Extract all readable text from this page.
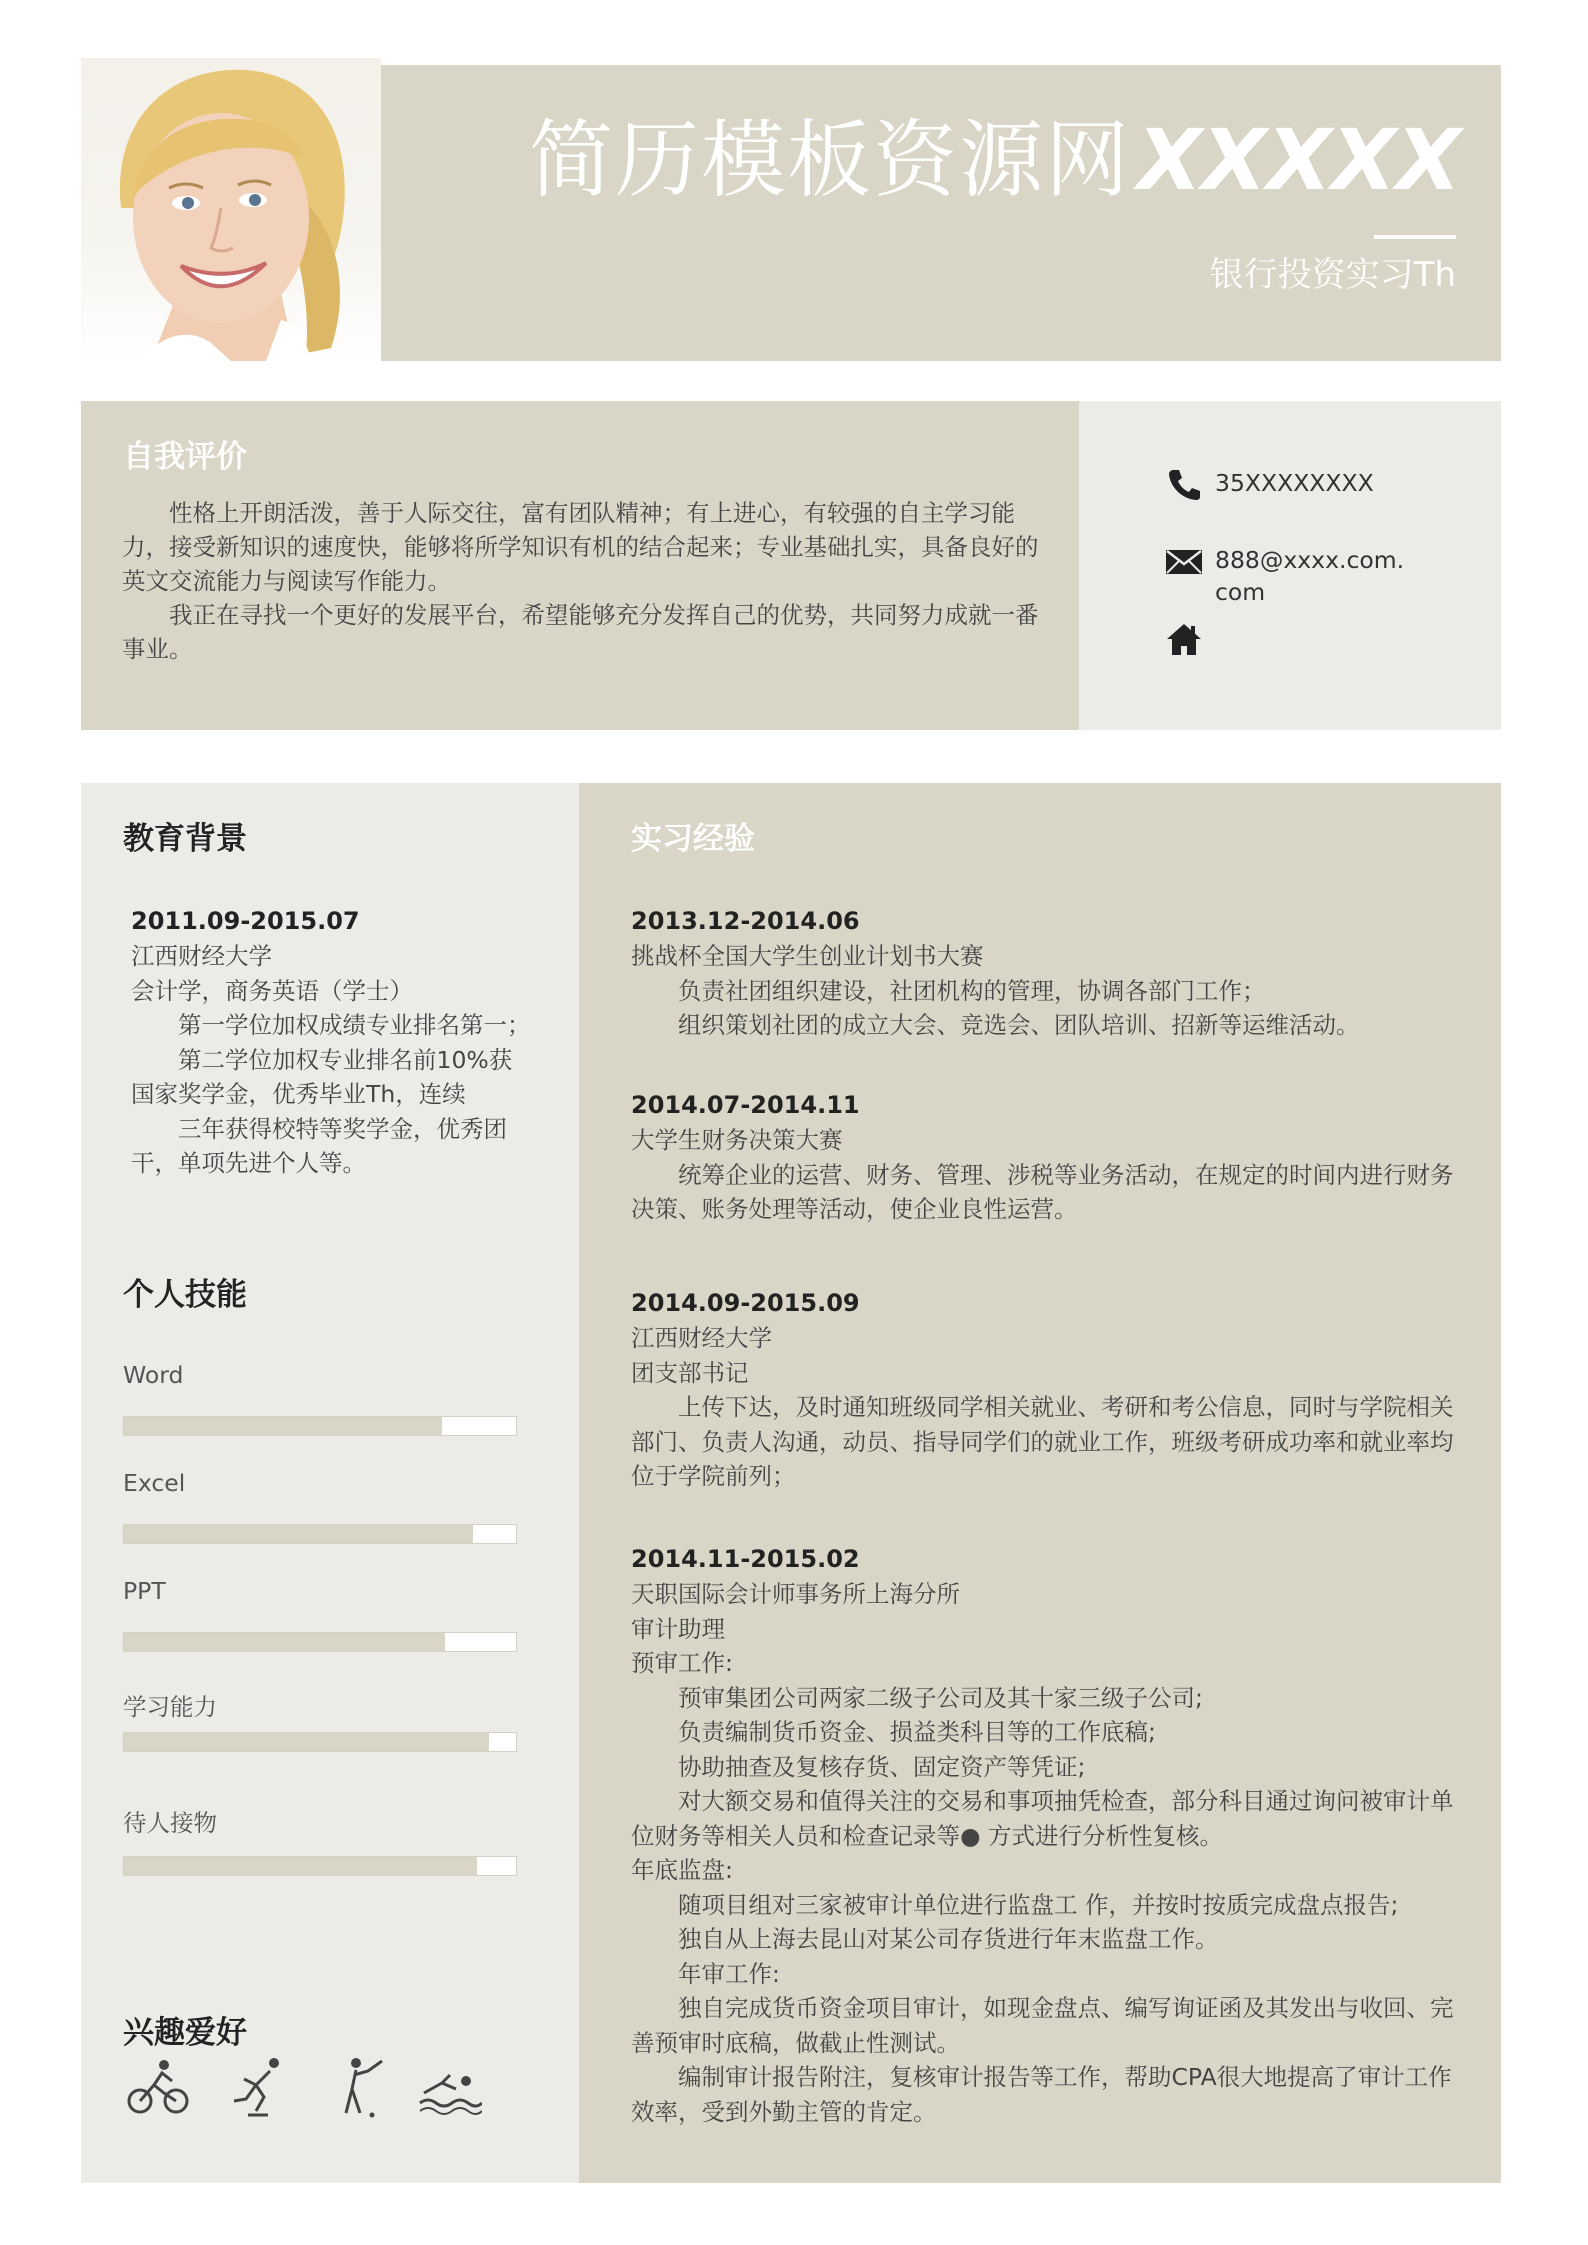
简历模板资源网XXXXX
银行投资实习Th
自我评价

性格上开朗活泼，善于人际交往，富有团队精神；有上进心，有较强的自主学习能力，接受新知识的速度快，能够将所学知识有机的结合起来；专业基础扎实，具备良好的英文交流能力与阅读写作能力。

我正在寻找一个更好的发展平台，希望能够充分发挥自己的优势，共同努力成就一番事业。

35XXXXXXXX
888@xxxx.com.com
教育背景
2011.09-2015.07
江西财经大学
会计学，商务英语（学士）
第一学位加权成绩专业排名第一；
第二学位加权专业排名前10%获国家奖学金，优秀毕业Th，连续
三年获得校特等奖学金，优秀团干，单项先进个人等。
个人技能
Word
Excel
PPT
学习能力
待人接物
兴趣爱好
实习经验
2013.12-2014.06
挑战杯全国大学生创业计划书大赛
负责社团组织建设，社团机构的管理，协调各部门工作；
组织策划社团的成立大会、竞选会、团队培训、招新等运维活动。
2014.07-2014.11
大学生财务决策大赛
统筹企业的运营、财务、管理、涉税等业务活动，在规定的时间内进行财务决策、账务处理等活动，使企业良性运营。
2014.09-2015.09
江西财经大学
团支部书记
上传下达，及时通知班级同学相关就业、考研和考公信息，同时与学院相关部门、负责人沟通，动员、指导同学们的就业工作，班级考研成功率和就业率均位于学院前列；
2014.11-2015.02
天职国际会计师事务所上海分所
审计助理
预审工作:
预审集团公司两家二级子公司及其十家三级子公司;
负责编制货币资金、损益类科目等的工作底稿;
协助抽查及复核存货、固定资产等凭证;
对大额交易和值得关注的交易和事项抽凭检查，部分科目通过询问被审计单位财务等相关人员和检查记录等● 方式进行分析性复核。
年底监盘:
随项目组对三家被审计单位进行监盘工 作，并按时按质完成盘点报告;
独自从上海去昆山对某公司存货进行年末监盘工作。
年审工作:
独自完成货币资金项目审计，如现金盘点、编写询证函及其发出与收回、完善预审时底稿，做截止性测试。
编制审计报告附注，复核审计报告等工作，帮助CPA很大地提高了审计工作效率，受到外勤主管的肯定。
